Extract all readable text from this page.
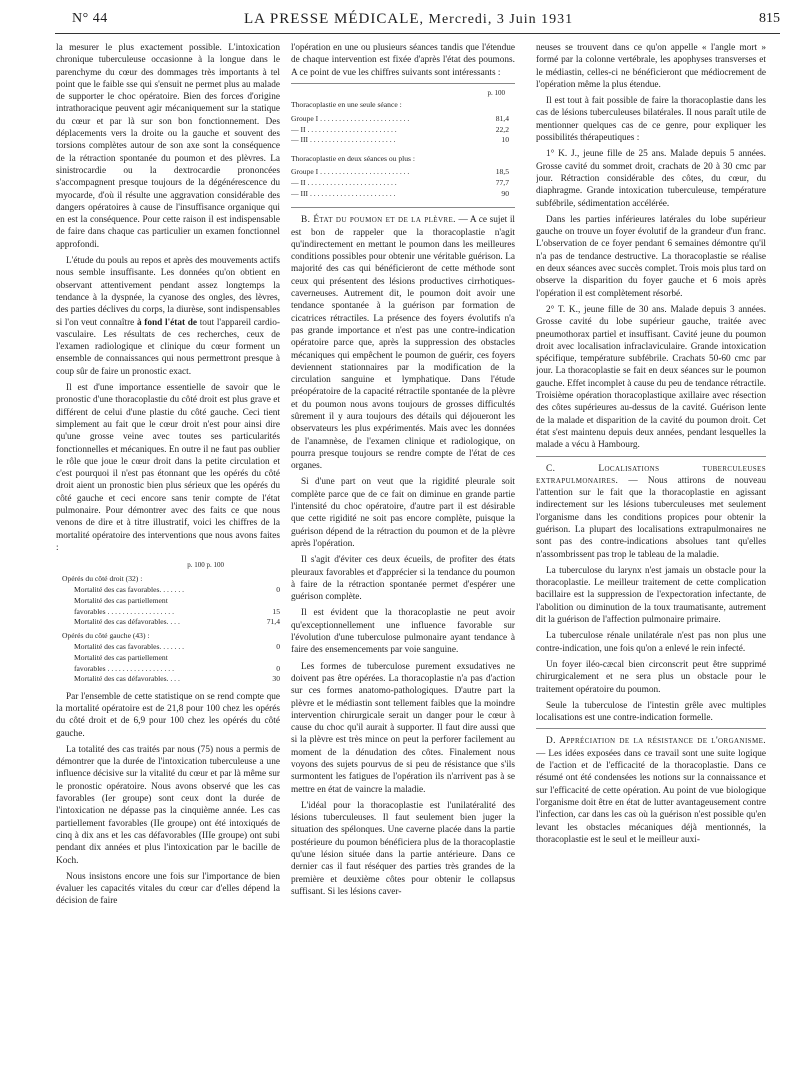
N° 44	LA PRESSE MÉDICALE, Mercredi, 3 Juin 1931	815

la mesurer le plus exactement possible. L'intoxication chronique tuberculeuse occasionne à la longue dans le parenchyme du cœur des dommages très importants à tel point que le faible sse qui s'ensuit ne permet plus au malade de supporter le choc opératoire. Bien des forces d'origine intrathoracique peuvent agir mécaniquement sur la statique du cœur et par là sur son bon fonctionnement. Des déplacements vers la droite ou la gauche et souvent des torsions complètes autour de son axe sont la conséquence de la rétraction spontanée du poumon et des plèvres. La sinistrocardie ou la dextrocardie prononcées s'accompagnent presque toujours de la dégénérescence du myocarde, d'où il résulte une aggravation considérable des dangers opératoires à cause de l'insuffisance organique qui en est la conséquence. Pour cette raison il est indispensable de faire dans chaque cas particulier un examen fonctionnel approfondi.

L'étude du pouls au repos et après des mouvements actifs nous semble insuffisante. Les données qu'on obtient en observant attentivement pendant assez longtemps la tendance à la dyspnée, la cyanose des ongles, des lèvres, des parties déclives du corps, la diurèse, sont indispensables si l'on veut connaître à fond l'état de tout l'appareil cardio-vasculaire. Les résultats de ces recherches, ceux de l'examen radiologique et clinique du cœur forment un ensemble de connaissances qui nous permettront presque à coup sûr de faire un pronostic exact.

Il est d'une importance essentielle de savoir que le pronostic d'une thoracoplastie du côté droit est plus grave et différent de celui d'une plastie du côté gauche. Ceci tient simplement au fait que le cœur droit n'est pour ainsi dire qu'une grosse veine avec toutes ses particularités fonctionnelles et mécaniques. En outre il ne faut pas oublier le rôle que joue le cœur droit dans la petite circulation et c'est pourquoi il n'est pas étonnant que les opérés du côté droit aient un pronostic bien plus sérieux que les opérés du côté gauche et ceci encore sans tenir compte de l'état pulmonaire. Pour démontrer avec des faits ce que nous venons de dire et à titre illustratif, voici les chiffres de la mortalité opératoire des interventions que nous avons faites :

p. 100 p. 100
Opérés du côté droit (32) :
Mortalité des cas favorables. . . . . . .	0
Mortalité des cas partiellement
favorables . . . . . . . . . . . . . . . . . .	15
Mortalité des cas défavorables. . . .	71,4
Opérés du côté gauche (43) :
Mortalité des cas favorables. . . . . . .	0
Mortalité des cas partiellement
favorables . . . . . . . . . . . . . . . . . .	0
Mortalité des cas défavorables. . . .	30

Par l'ensemble de cette statistique on se rend compte que la mortalité opératoire est de 21,8 pour 100 chez les opérés du côté droit et de 6,9 pour 100 chez les opérés du côté gauche.

La totalité des cas traités par nous (75) nous a permis de démontrer que la durée de l'intoxication tuberculeuse a une influence décisive sur la vitalité du cœur et par là même sur le pronostic opératoire. Nous avons observé que les cas favorables (Ier groupe) sont ceux dont la durée de l'intoxication ne dépasse pas la cinquième année. Les cas partiellement favorables (IIe groupe) ont été intoxiqués de cinq à dix ans et les cas défavorables (IIIe groupe) ont subi pendant dix années et plus l'intoxication par le bacille de Koch.

Nous insistons encore une fois sur l'importance de bien évaluer les capacités vitales du cœur car d'elles dépend la décision de faire

l'opération en une ou plusieurs séances tandis que l'étendue de chaque intervention est fixée d'après l'état des poumons. A ce point de vue les chiffres suivants sont intéressants :

p. 100
Thoracoplastie en une seule séance :
Groupe I . . . . . . . . . . . . . . . . . . . . . . . .	81,4
— II . . . . . . . . . . . . . . . . . . . . . . . .	22,2
— III . . . . . . . . . . . . . . . . . . . . . . .	10
Thoracoplastie en deux séances ou plus :
Groupe I . . . . . . . . . . . . . . . . . . . . . . . .	18,5
— II . . . . . . . . . . . . . . . . . . . . . . . .	77,7
— III . . . . . . . . . . . . . . . . . . . . . . .	90

B. État du poumon et de la plèvre. — A ce sujet il est bon de rappeler que la thoracoplastie n'agit qu'indirectement en mettant le poumon dans les meilleures conditions possibles pour obtenir une véritable guérison. La majorité des cas qui bénéficieront de cette méthode sont ceux qui présentent des lésions productives cirrhotiques-caverneuses. Autrement dit, le poumon doit avoir une tendance spontanée à la guérison par formation de cicatrices rétractiles. La présence des foyers évolutifs n'a pas grande importance et n'est pas une contre-indication opératoire parce que, après la suppression des obstacles mécaniques qui empêchent le poumon de guérir, ces foyers deviennent stationnaires par la modification de la circulation sanguine et lymphatique. Dans l'étude préopératoire de la capacité rétractile spontanée de la plèvre et du poumon nous avons toujours de grosses difficultés sûrement il y aura toujours des détails qui déjoueront les observateurs les plus expérimentés. Mais avec les données de l'anamnèse, de l'examen clinique et radiologique, on pourra presque toujours se rendre compte de l'état de ces organes.

Si d'une part on veut que la rigidité pleurale soit complète parce que de ce fait on diminue en grande partie l'intensité du choc opératoire, d'autre part il est désirable que cette rigidité ne soit pas encore complète, puisque la guérison dépend de la rétraction du poumon et de la plèvre après l'opération.

Il s'agit d'éviter ces deux écueils, de profiter des états pleuraux favorables et d'apprécier si la tendance du poumon à faire de la rétraction spontanée permet d'espérer une guérison complète.

Il est évident que la thoracoplastie ne peut avoir qu'exceptionnellement une influence favorable sur l'évolution d'une tuberculose pulmonaire ayant tendance à faire des ensemencements par voie sanguine.

Les formes de tuberculose purement exsudatives ne doivent pas être opérées. La thoracoplastie n'a pas d'action sur ces formes anatomo-pathologiques. D'autre part la plèvre et le médiastin sont tellement faibles que la moindre intervention chirurgicale serait un danger pour le cœur à cause du choc qu'il aurait à supporter. Il faut dire aussi que si la plèvre est très mince on peut la perforer facilement au moment de la dénudation des côtes. Finalement nous voyons des sujets pourvus de si peu de résistance que s'ils surmontent les fatigues de l'opération ils n'arrivent pas à se mettre en état de vaincre la maladie.

L'idéal pour la thoracoplastie est l'unilatéralité des lésions tuberculeuses. Il faut seulement bien juger la situation des spélonques. Une caverne placée dans la partie postérieure du poumon bénéficiera plus de la thoracoplastie qu'une lésion située dans la partie antérieure. Dans ce dernier cas il faut réséquer des parties très grandes de la première et deuxième côtes pour obtenir le collapsus suffisant. Si les lésions caver-

neuses se trouvent dans ce qu'on appelle « l'angle mort » formé par la colonne vertébrale, les apophyses transverses et le médiastin, celles-ci ne bénéficieront que médiocrement de l'opération même la plus étendue.

Il est tout à fait possible de faire la thoracoplastie dans les cas de lésions tuberculeuses bilatérales. Il nous paraît utile de mentionner quelques cas de ce genre, pour expliquer les possibilités thérapeutiques :

1° K. J., jeune fille de 25 ans. Malade depuis 5 années. Grosse cavité du sommet droit, crachats de 20 à 30 cmc par jour. Rétraction considérable des côtes, du cœur, du diaphragme. Grande intoxication tuberculeuse, température subfébrile, sédimentation accélérée.

Dans les parties inférieures latérales du lobe supérieur gauche on trouve un foyer évolutif de la grandeur d'un franc. L'observation de ce foyer pendant 6 semaines démontre qu'il n'a pas de tendance destructive. La thoracoplastie se réalise en deux séances avec succès complet. Trois mois plus tard on observe la disparition du foyer gauche et 6 mois après l'opération il est complètement résorbé.

2° T. K., jeune fille de 30 ans. Malade depuis 3 années. Grosse cavité du lobe supérieur gauche, traitée avec pneumothorax partiel et insuffisant. Cavité jeune du poumon droit avec localisation infraclaviculaire. Grande intoxication spécifique, température subfébrile. Crachats 50-60 cmc par jour. La thoracoplastie se fait en deux séances sur le poumon gauche. Effet incomplet à cause du peu de tendance rétractile. Troisième opération thoracoplastique axillaire avec résection des côtes supérieures au-dessus de la cavité. Guérison lente de la malade et disparition de la cavité du poumon droit. Cet état s'est maintenu depuis deux années, pendant lesquelles la malade a vécu à Hambourg.

C. Localisations tuberculeuses extrapulmonaires. — Nous attirons de nouveau l'attention sur le fait que la thoracoplastie en agissant indirectement sur les lésions tuberculeuses met seulement l'organisme dans les conditions propices pour obtenir la guérison. La plupart des localisations extrapulmonaires ne sont pas des contre-indications absolues tant qu'elles n'assombrissent pas trop le tableau de la maladie.

La tuberculose du larynx n'est jamais un obstacle pour la thoracoplastie. Le meilleur traitement de cette complication bacillaire est la suppression de l'expectoration infectante, de l'abolition ou diminution de la toux traumatisante, autrement dit la guérison de l'affection pulmonaire primaire.

La tuberculose rénale unilatérale n'est pas non plus une contre-indication, une fois qu'on a enlevé le rein infecté.

Un foyer iléo-cæcal bien circonscrit peut être supprimé chirurgicalement et ne sera plus un obstacle pour le traitement opératoire du poumon.

Seule la tuberculose de l'intestin grêle avec multiples localisations est une contre-indication formelle.

D. Appréciation de la résistance de l'organisme. — Les idées exposées dans ce travail sont une suite logique de l'action et de l'efficacité de la thoracoplastie. Dans ce résumé ont été condensées les notions sur la connaissance et sur l'efficacité de cette opération. Au point de vue biologique l'organisme doit être en état de lutter avantageusement contre l'infection, car dans les cas où la guérison n'est possible qu'en levant les obstacles mécaniques déjà mentionnés, la thoracoplastie est le seul et le meilleur auxi-
